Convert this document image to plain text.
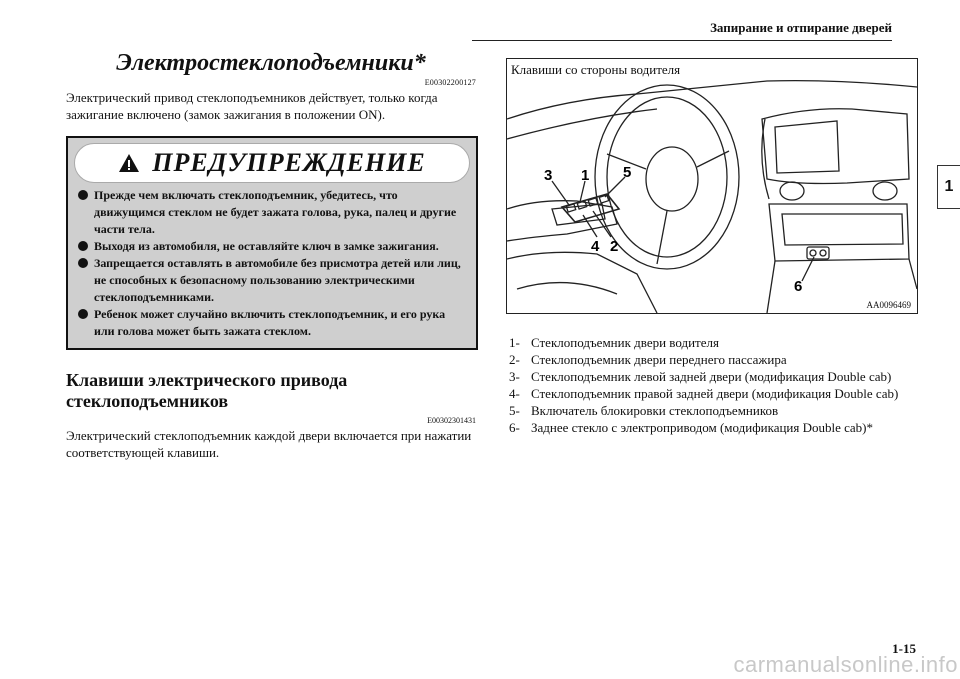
Запирание и отпирание дверей
1
Электростеклоподъемники*
E00302200127

Электрический привод стеклоподъемников действует, только когда зажигание включено (замок зажигания в положении ON).

ПРЕДУПРЕЖДЕНИЕ
Прежде чем включать стеклоподъемник, убедитесь, что движущимся стеклом не будет зажата голова, рука, палец и другие части тела.
Выходя из автомобиля, не оставляйте ключ в замке зажигания.
Запрещается оставлять в автомобиле без присмотра детей или лиц, не способных к безопасному пользованию электрическими стеклоподъемниками.
Ребенок может случайно включить стеклоподъемник, и его рука или голова может быть зажата стеклом.
Клавиши электрического привода
стеклоподъемников
E00302301431

Электрический стеклоподъемник каждой двери включается при нажатии соответствующей клавиши.

3 1 5
4 2
6
Клавиши со стороны водителя
AA0096469
1- Стеклоподъемник двери водителя
2- Стеклоподъемник двери переднего пассажира
3- Стеклоподъемник левой задней двери (модификация Double cab)
4- Стеклоподъемник правой задней двери (модификация Double cab)
5- Включатель блокировки стеклоподъемников
6- Заднее стекло с электроприводом (модификация Double cab)*
1-15
carmanualsonline.info
